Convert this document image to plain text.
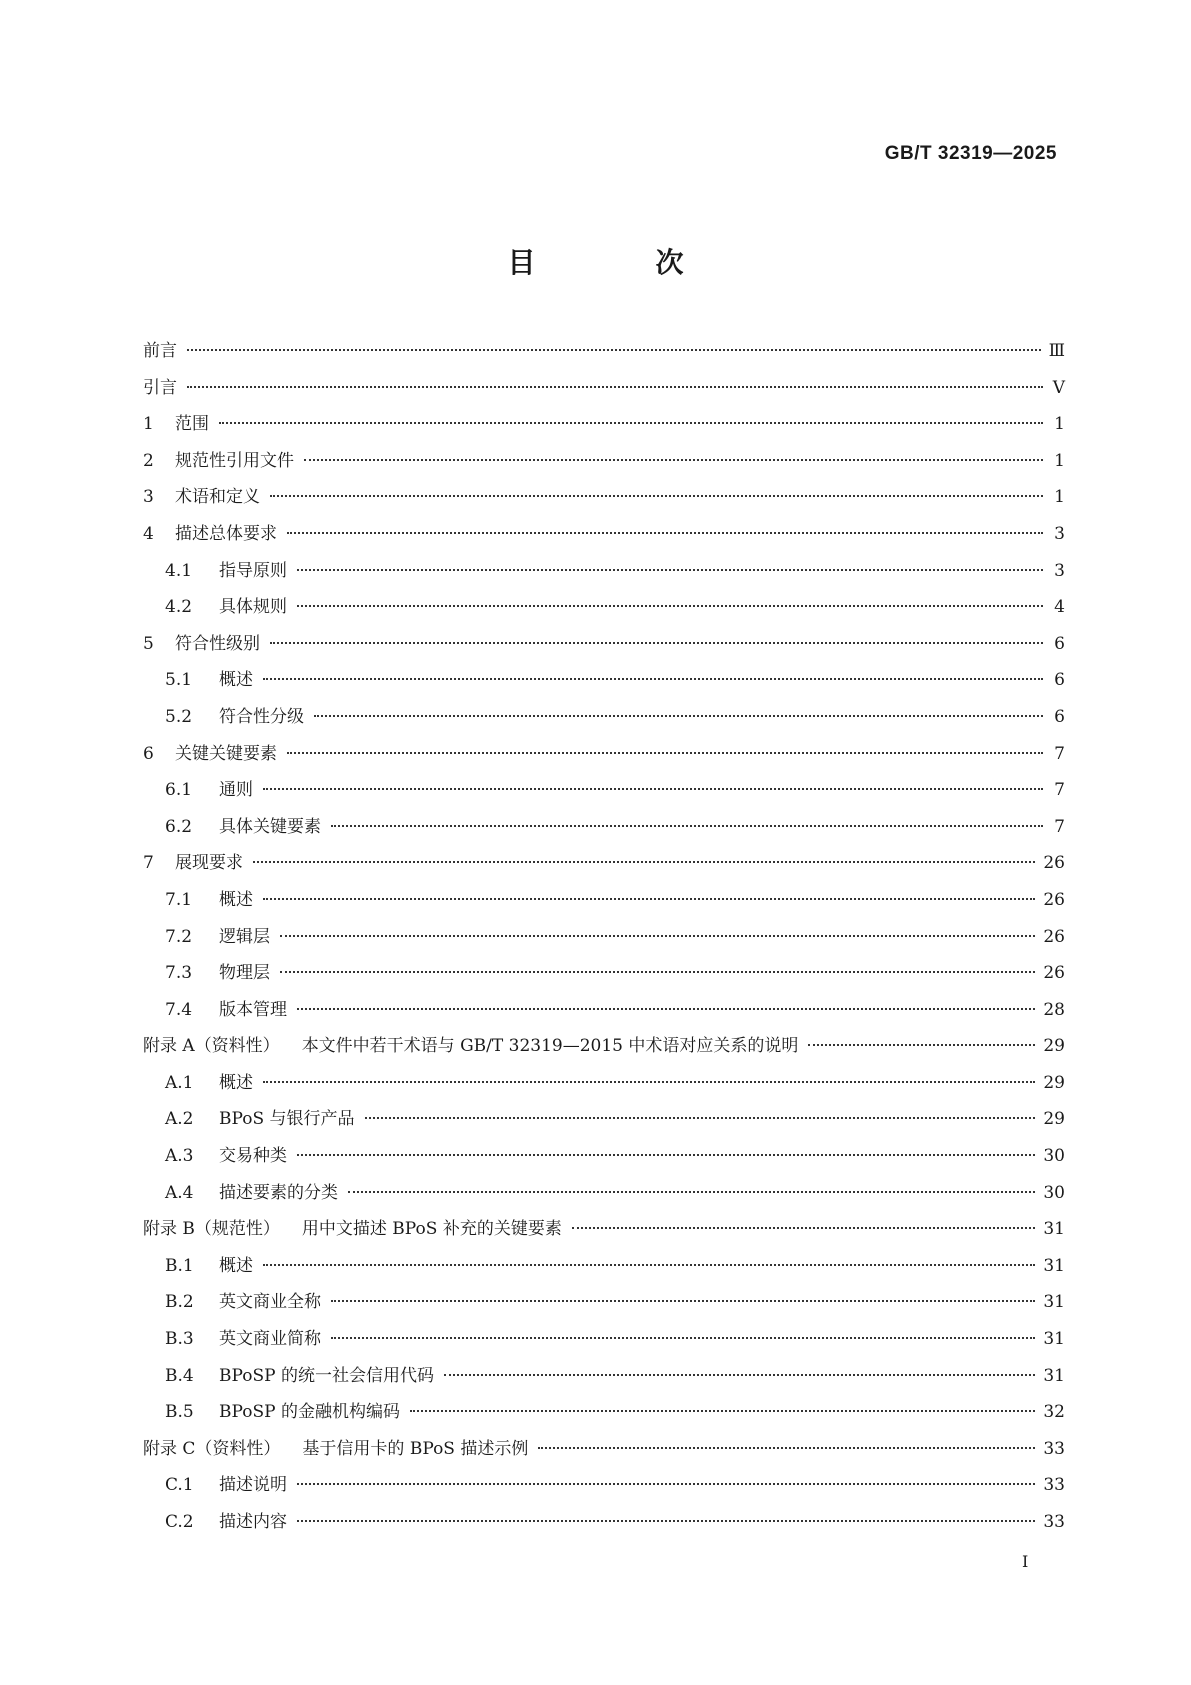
GB/T 32319—2025
目　次
前言	Ⅲ
引言	Ⅴ
1	范围	1
2	规范性引用文件	1
3	术语和定义	1
4	描述总体要求	3
4.1	指导原则	3
4.2	具体规则	4
5	符合性级别	6
5.1	概述	6
5.2	符合性分级	6
6	关键关键要素	7
6.1	通则	7
6.2	具体关键要素	7
7	展现要求	26
7.1	概述	26
7.2	逻辑层	26
7.3	物理层	26
7.4	版本管理	28
附录 A （资料性） 本文件中若干术语与 GB/T 32319—2015 中术语对应关系的说明	29
A.1	概述	29
A.2	BPoS 与银行产品	29
A.3	交易种类	30
A.4	描述要素的分类	30
附录 B （规范性） 用中文描述 BPoS 补充的关键要素	31
B.1	概述	31
B.2	英文商业全称	31
B.3	英文商业简称	31
B.4	BPoSP 的统一社会信用代码	31
B.5	BPoSP 的金融机构编码	32
附录 C （资料性） 基于信用卡的 BPoS 描述示例	33
C.1	描述说明	33
C.2	描述内容	33
I
